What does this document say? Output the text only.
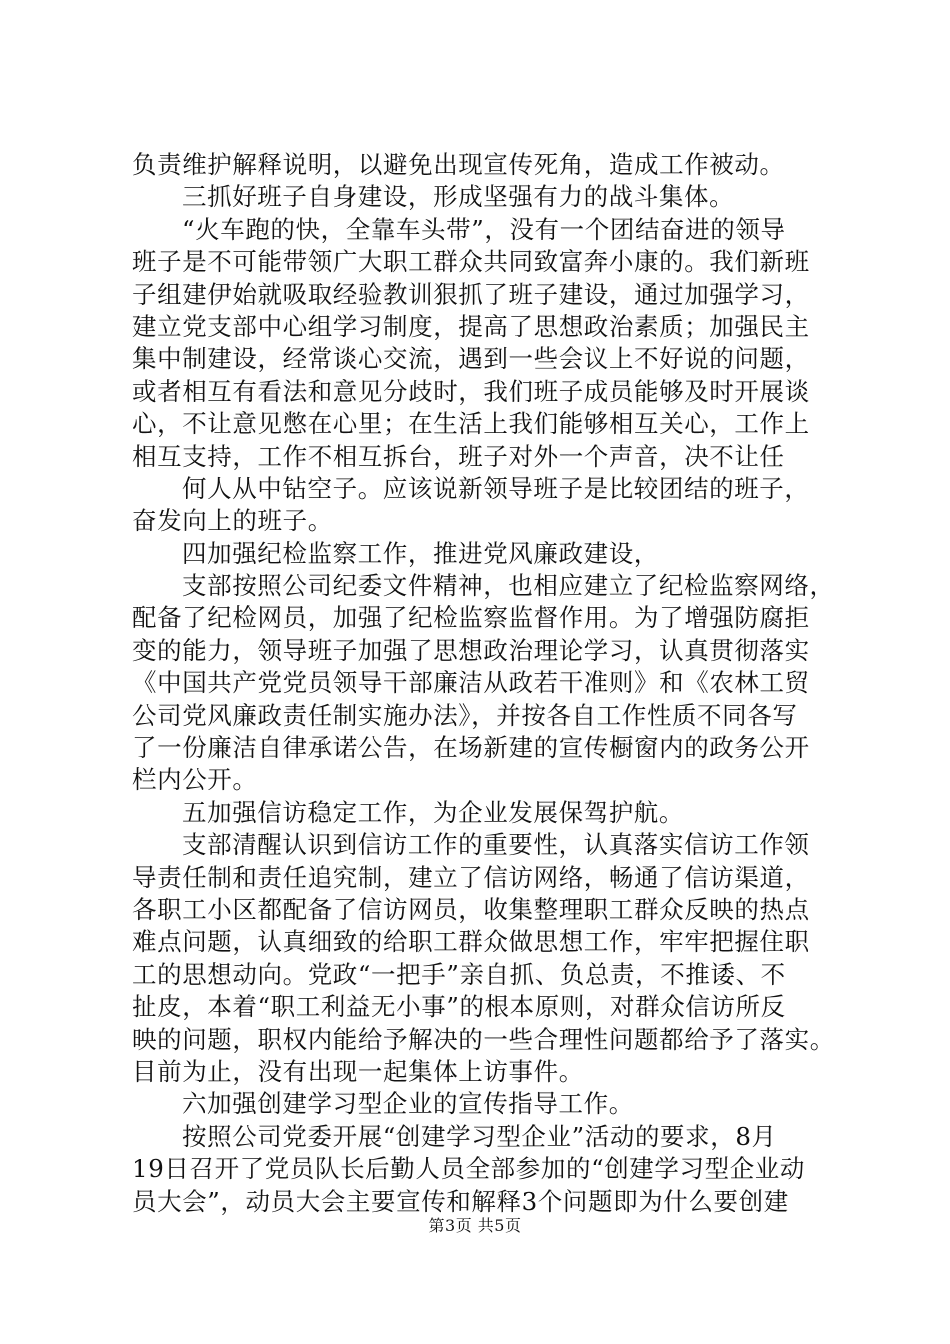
负责维护解释说明，以避免出现宣传死角，造成工作被动。
三抓好班子自身建设，形成坚强有力的战斗集体。
“火车跑的快，全靠车头带”，没有一个团结奋进的领导
班子是不可能带领广大职工群众共同致富奔小康的。我们新班
子组建伊始就吸取经验教训狠抓了班子建设，通过加强学习，
建立党支部中心组学习制度，提高了思想政治素质；加强民主
集中制建设，经常谈心交流，遇到一些会议上不好说的问题，
或者相互有看法和意见分歧时，我们班子成员能够及时开展谈
心，不让意见憋在心里；在生活上我们能够相互关心，工作上
相互支持，工作不相互拆台，班子对外一个声音，决不让任
何人从中钻空子。应该说新领导班子是比较团结的班子，
奋发向上的班子。
四加强纪检监察工作，推进党风廉政建设，
支部按照公司纪委文件精神，也相应建立了纪检监察网络，
配备了纪检网员，加强了纪检监察监督作用。为了增强防腐拒
变的能力，领导班子加强了思想政治理论学习，认真贯彻落实
《中国共产党党员领导干部廉洁从政若干准则》和《农林工贸
公司党风廉政责任制实施办法》，并按各自工作性质不同各写
了一份廉洁自律承诺公告，在场新建的宣传橱窗内的政务公开
栏内公开。
五加强信访稳定工作，为企业发展保驾护航。
支部清醒认识到信访工作的重要性，认真落实信访工作领
导责任制和责任追究制，建立了信访网络，畅通了信访渠道，
各职工小区都配备了信访网员，收集整理职工群众反映的热点
难点问题，认真细致的给职工群众做思想工作，牢牢把握住职
工的思想动向。党政“一把手”亲自抓、负总责，不推诿、不
扯皮，本着“职工利益无小事”的根本原则，对群众信访所反
映的问题，职权内能给予解决的一些合理性问题都给予了落实。
目前为止，没有出现一起集体上访事件。
六加强创建学习型企业的宣传指导工作。
按照公司党委开展“创建学习型企业”活动的要求，8月
19日召开了党员队长后勤人员全部参加的“创建学习型企业动
员大会”，动员大会主要宣传和解释3个问题即为什么要创建
第3页 共5页
